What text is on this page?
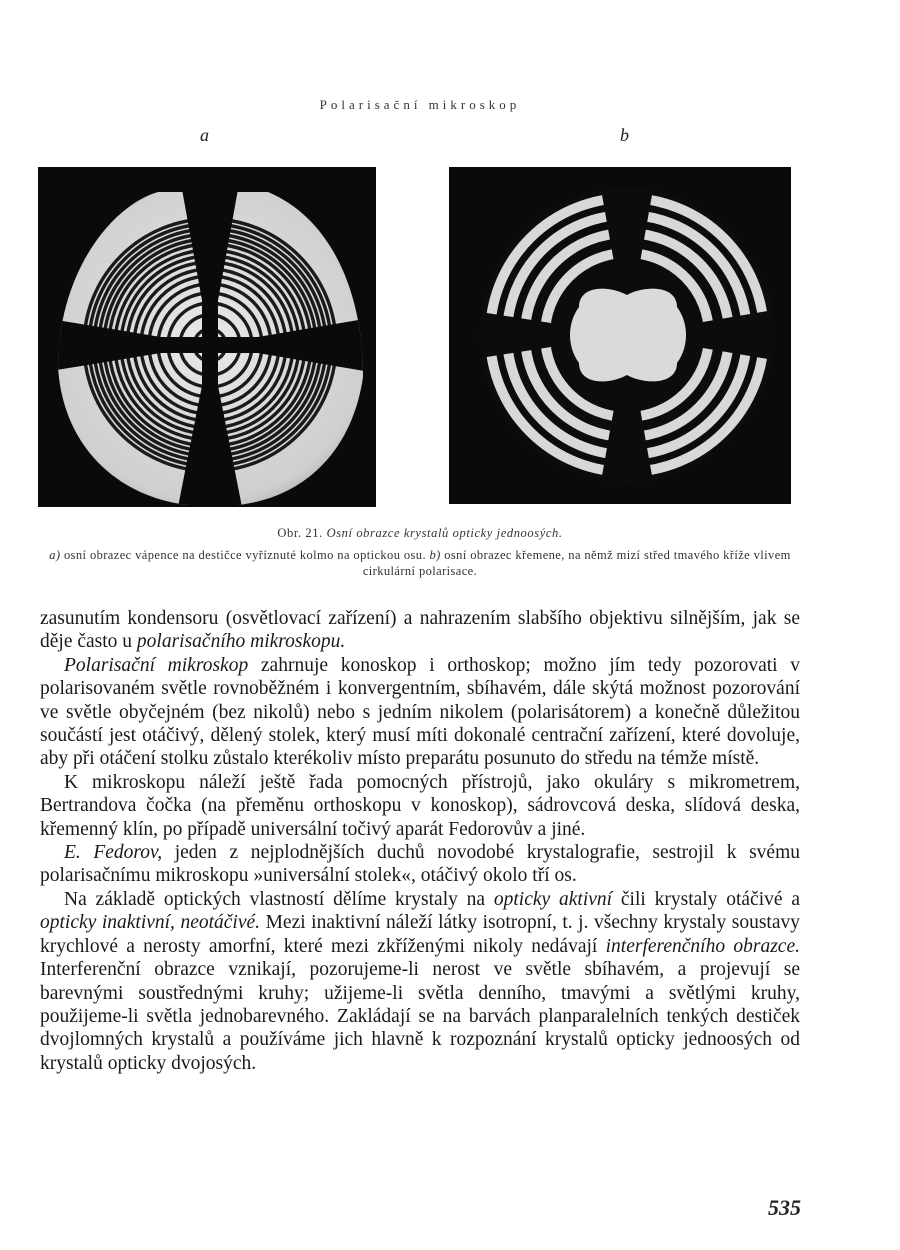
Polarisační mikroskop
a	b
Obr. 21. Osní obrazce krystalů opticky jednoosých.
a) osní obrazec vápence na destičce vyříznuté kolmo na optickou osu. b) osní obrazec křemene, na němž mizí střed tmavého kříže vlivem cirkulární polarisace.

zasunutím kondensoru (osvětlovací zařízení) a nahrazením slabšího objektivu silnějším, jak se děje často u polarisačního mikroskopu.

Polarisační mikroskop zahrnuje konoskop i orthoskop; možno jím tedy pozorovati v polarisovaném světle rovnoběžném i konvergentním, sbíhavém, dále skýtá možnost pozorování ve světle obyčejném (bez nikolů) nebo s jedním nikolem (polarisátorem) a konečně důležitou součástí jest otáčivý, dělený stolek, který musí míti dokonalé centrační zařízení, které dovoluje, aby při otáčení stolku zůstalo kterékoliv místo preparátu posunuto do středu na témže místě.

K mikroskopu náleží ještě řada pomocných přístrojů, jako okuláry s mikrometrem, Bertrandova čočka (na přeměnu orthoskopu v konoskop), sádrovcová deska, slídová deska, křemenný klín, po případě universální točivý aparát Fedorovův a jiné.

E. Fedorov, jeden z nejplodnějších duchů novodobé krystalografie, sestrojil k svému polarisačnímu mikroskopu »universální stolek«, otáčivý okolo tří os.

Na základě optických vlastností dělíme krystaly na opticky aktivní čili krystaly otáčivé a opticky inaktivní, neotáčivé. Mezi inaktivní náleží látky isotropní, t. j. všechny krystaly soustavy krychlové a nerosty amorfní, které mezi zkříženými nikoly nedávají interferenčního obrazce. Interferenční obrazce vznikají, pozorujeme-li nerost ve světle sbíhavém, a projevují se barevnými soustřednými kruhy; užijeme-li světla denního, tmavými a světlými kruhy, použijeme-li světla jednobarevného. Zakládají se na barvách planparalelních tenkých destiček dvojlomných krystalů a používáme jich hlavně k rozpoznání krystalů opticky jednoosých od krystalů opticky dvojosých.

535
